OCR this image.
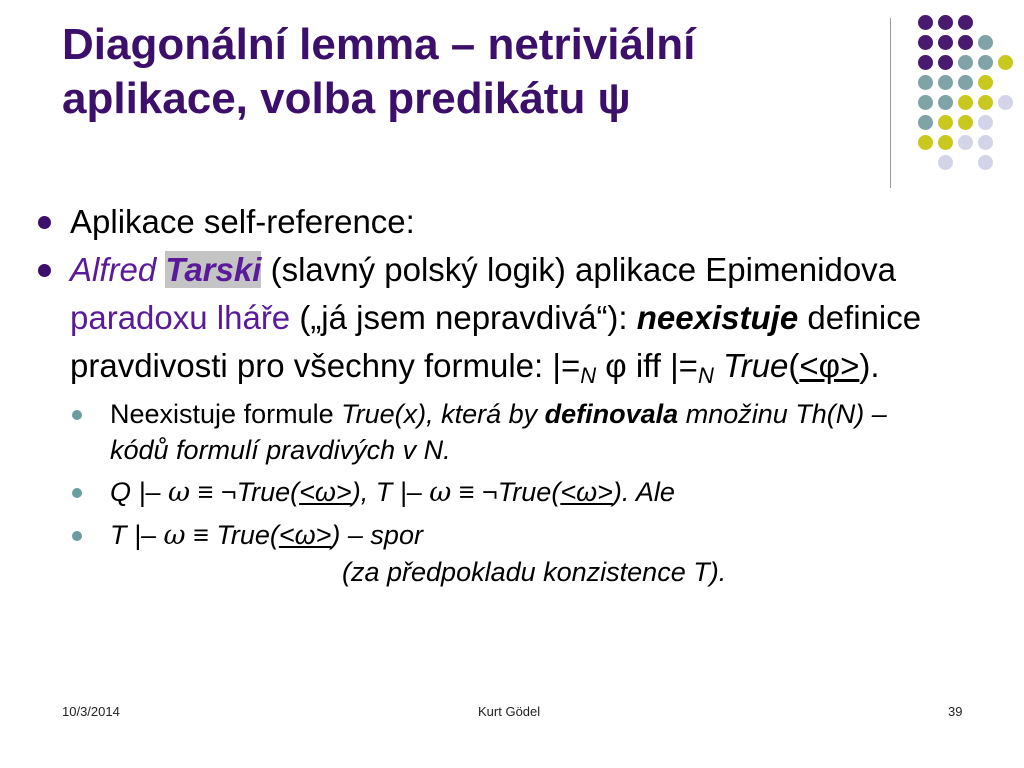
Diagonální lemma – netriviální
aplikace, volba predikátu ψ
Aplikace self-reference:
Alfred Tarski (slavný polský logik) aplikace Epimenidova paradoxu lháře („já jsem nepravdivá“): neexistuje definice pravdivosti pro všechny formule: $|=_N$ φ iff $|=_N$ True(<φ>).
Neexistuje formule True(x), která by definovala množinu Th(N) – kódů formulí pravdivých v N.
Q |– ω ≡ ¬True(<ω>), T |– ω ≡ ¬True(<ω>). Ale
T |– ω ≡ True(<ω>) – spor
(za předpokladu konzistence T).
10/3/2014	Kurt Gödel	39
